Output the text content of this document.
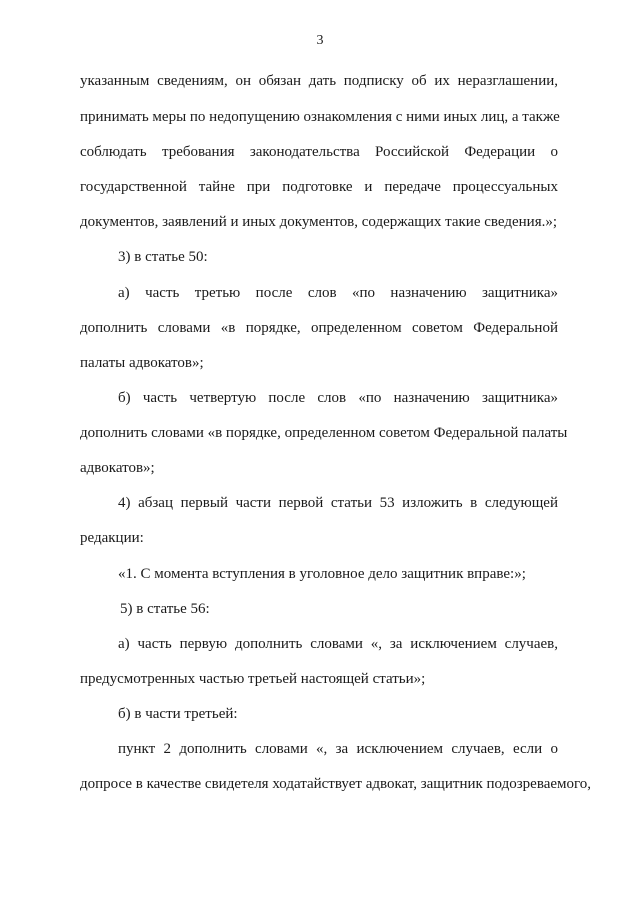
3
указанным сведениям, он обязан дать подписку об их неразглашении,
принимать меры по недопущению ознакомления с ними иных лиц, а также
соблюдать требования законодательства Российской Федерации о
государственной тайне при подготовке и передаче процессуальных
документов, заявлений и иных документов, содержащих такие сведения.»;
3) в статье 50:
а) часть третью после слов «по назначению защитника»
дополнить словами «в порядке, определенном советом Федеральной
палаты адвокатов»;
б) часть четвертую после слов «по назначению защитника»
дополнить словами «в порядке, определенном советом Федеральной палаты
адвокатов»;
4) абзац первый части первой статьи 53 изложить в следующей
редакции:
«1. С момента вступления в уголовное дело защитник вправе:»;
5) в статье 56:
а) часть первую дополнить словами «, за исключением случаев,
предусмотренных частью третьей настоящей статьи»;
б) в части третьей:
пункт 2 дополнить словами «, за исключением случаев, если о
допросе в качестве свидетеля ходатайствует адвокат, защитник подозреваемого,
